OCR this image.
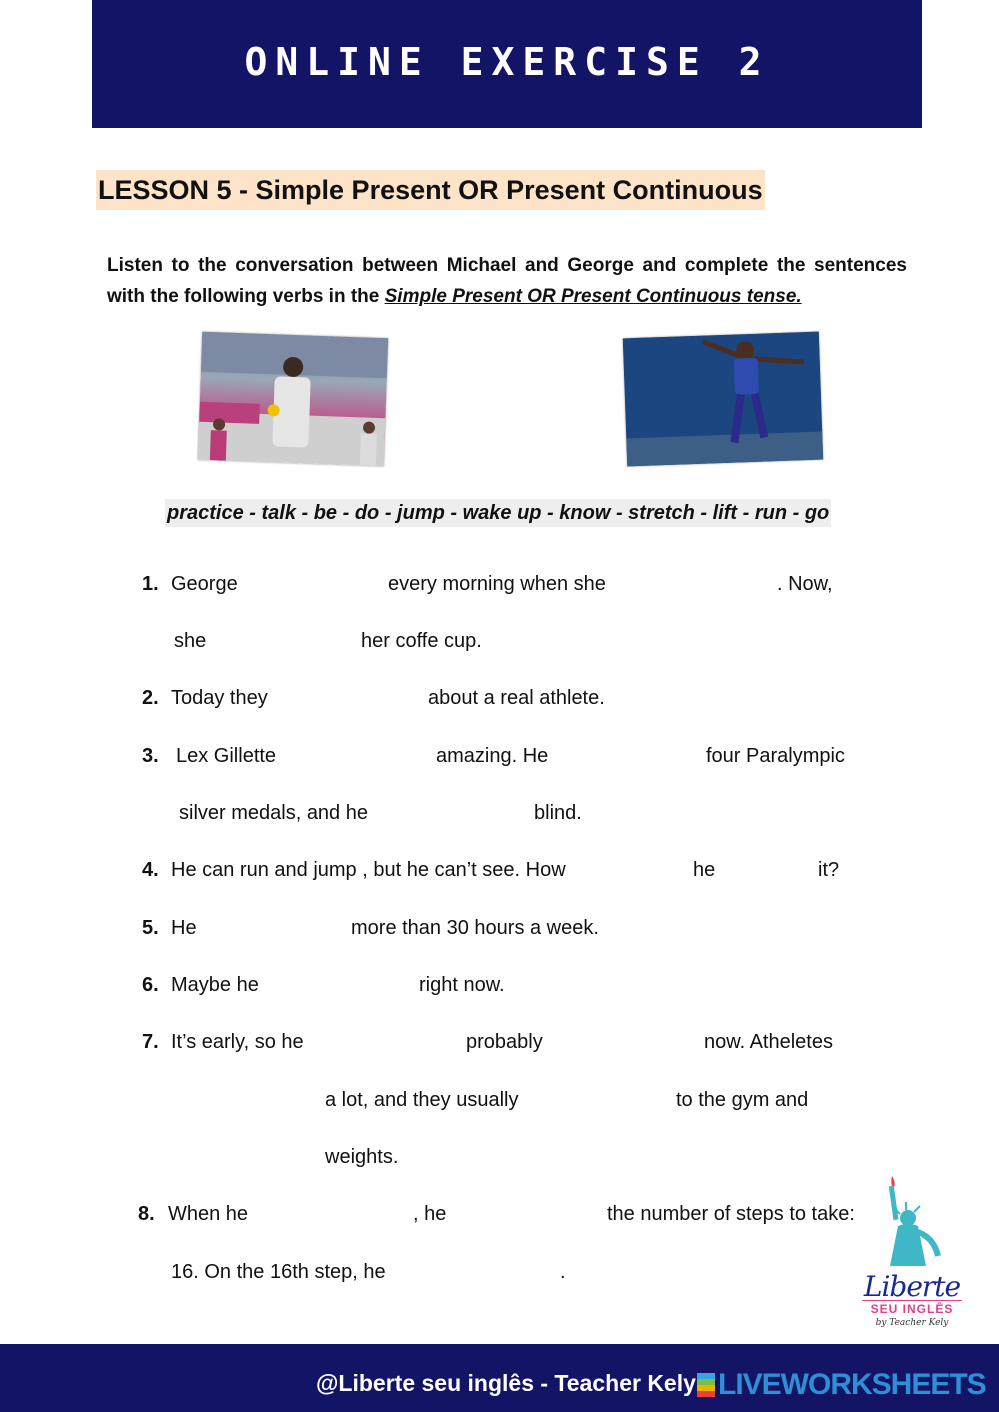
ONLINE EXERCISE 2
LESSON 5 - Simple Present OR Present Continuous
Listen to the conversation between Michael and George and complete the sentences with the following verbs in the Simple Present OR Present Continuous tense.
practice - talk - be - do - jump - wake up - know - stretch - lift - run - go
1. George	every morning when she	. Now,
she	her coffe cup.
2. Today they	about a real athlete.
3. Lex Gillette	amazing. He	four Paralympic
silver medals, and he	blind.
4. He can run and jump , but he can’t see. How	he	it?
5. He	more than 30 hours a week.
6. Maybe he	right now.
7. It’s early, so he	probably	now. Atheletes
a lot, and they usually	to the gym and
weights.
8. When he	, he	the number of steps to take:
16. On the 16th step, he	.	Liberte
SEU INGLÊS
by Teacher Kely
@Liberte seu inglês - Teacher Kely LIVEWORKSHEETS
